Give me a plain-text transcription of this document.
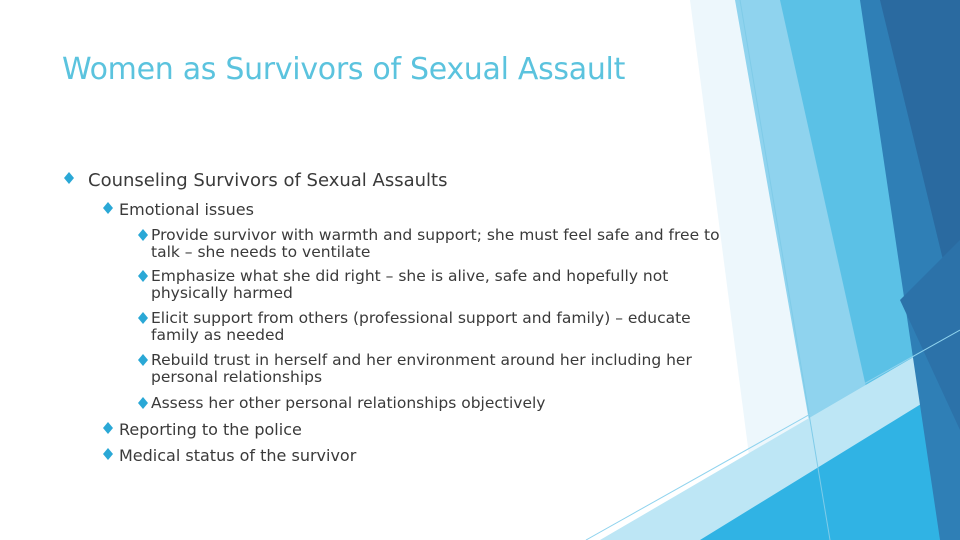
Women as Survivors of Sexual Assault
Counseling Survivors of Sexual Assaults
Emotional issues
Provide survivor with warmth and support; she must feel safe and free to talk – she needs to ventilate
Emphasize what she did right – she is alive, safe and hopefully not physically harmed
Elicit support from others (professional support and family) – educate family as needed
Rebuild trust in herself and her environment around her including her personal relationships
Assess her other personal relationships objectively
Reporting to the police
Medical status of the survivor
